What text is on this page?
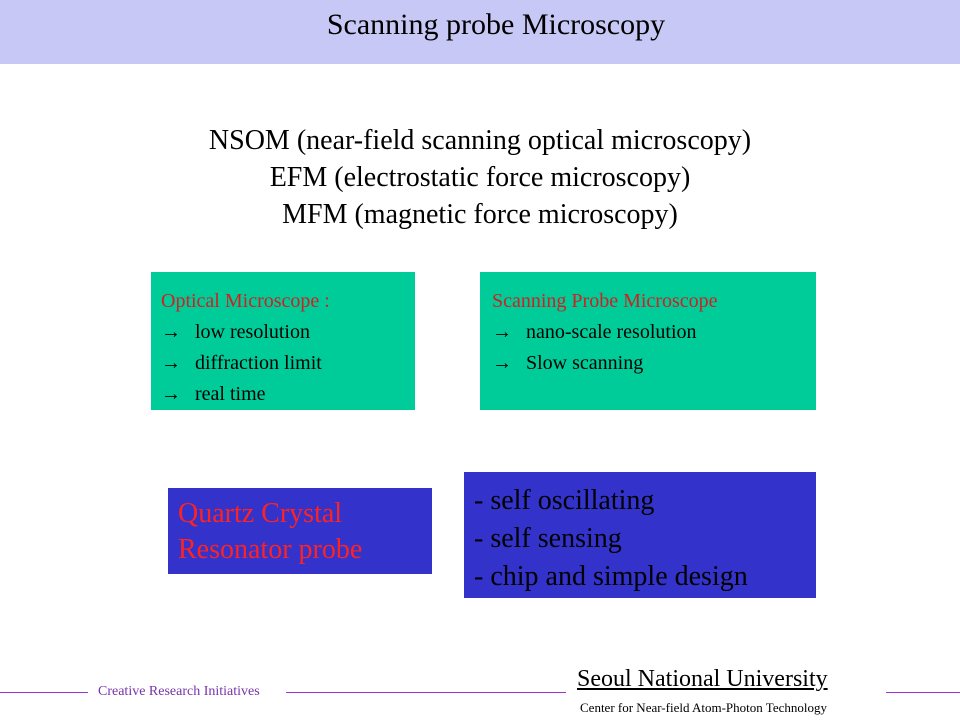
Scanning probe Microscopy
NSOM (near-field scanning optical microscopy)
EFM (electrostatic force microscopy)
MFM (magnetic force microscopy)
Optical Microscope :
→ low resolution
→ diffraction limit
→ real time
Scanning Probe Microscope
→ nano-scale resolution
→ Slow scanning
Quartz Crystal
Resonator probe
- self oscillating
- self sensing
- chip and simple design
Creative Research Initiatives	Seoul National University
Center for Near-field Atom-Photon Technology
